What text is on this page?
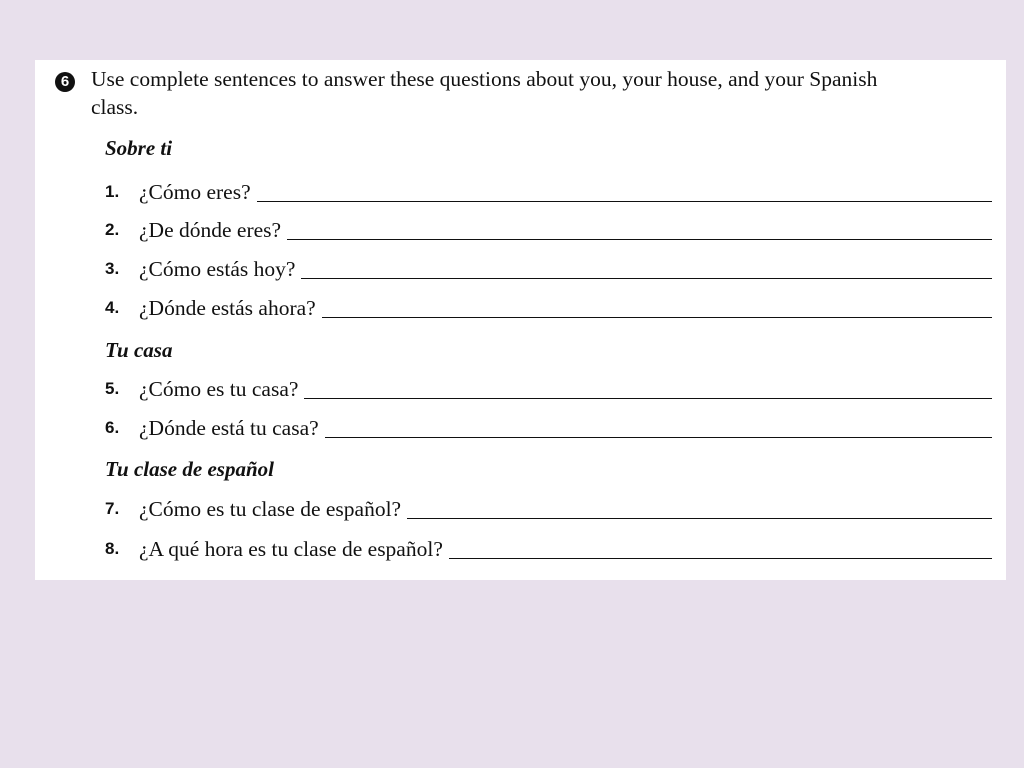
6 Use complete sentences to answer these questions about you, your house, and your Spanish class.
Sobre ti
1. ¿Cómo eres?
2. ¿De dónde eres?
3. ¿Cómo estás hoy?
4. ¿Dónde estás ahora?
Tu casa
5. ¿Cómo es tu casa?
6. ¿Dónde está tu casa?
Tu clase de español
7. ¿Cómo es tu clase de español?
8. ¿A qué hora es tu clase de español?
